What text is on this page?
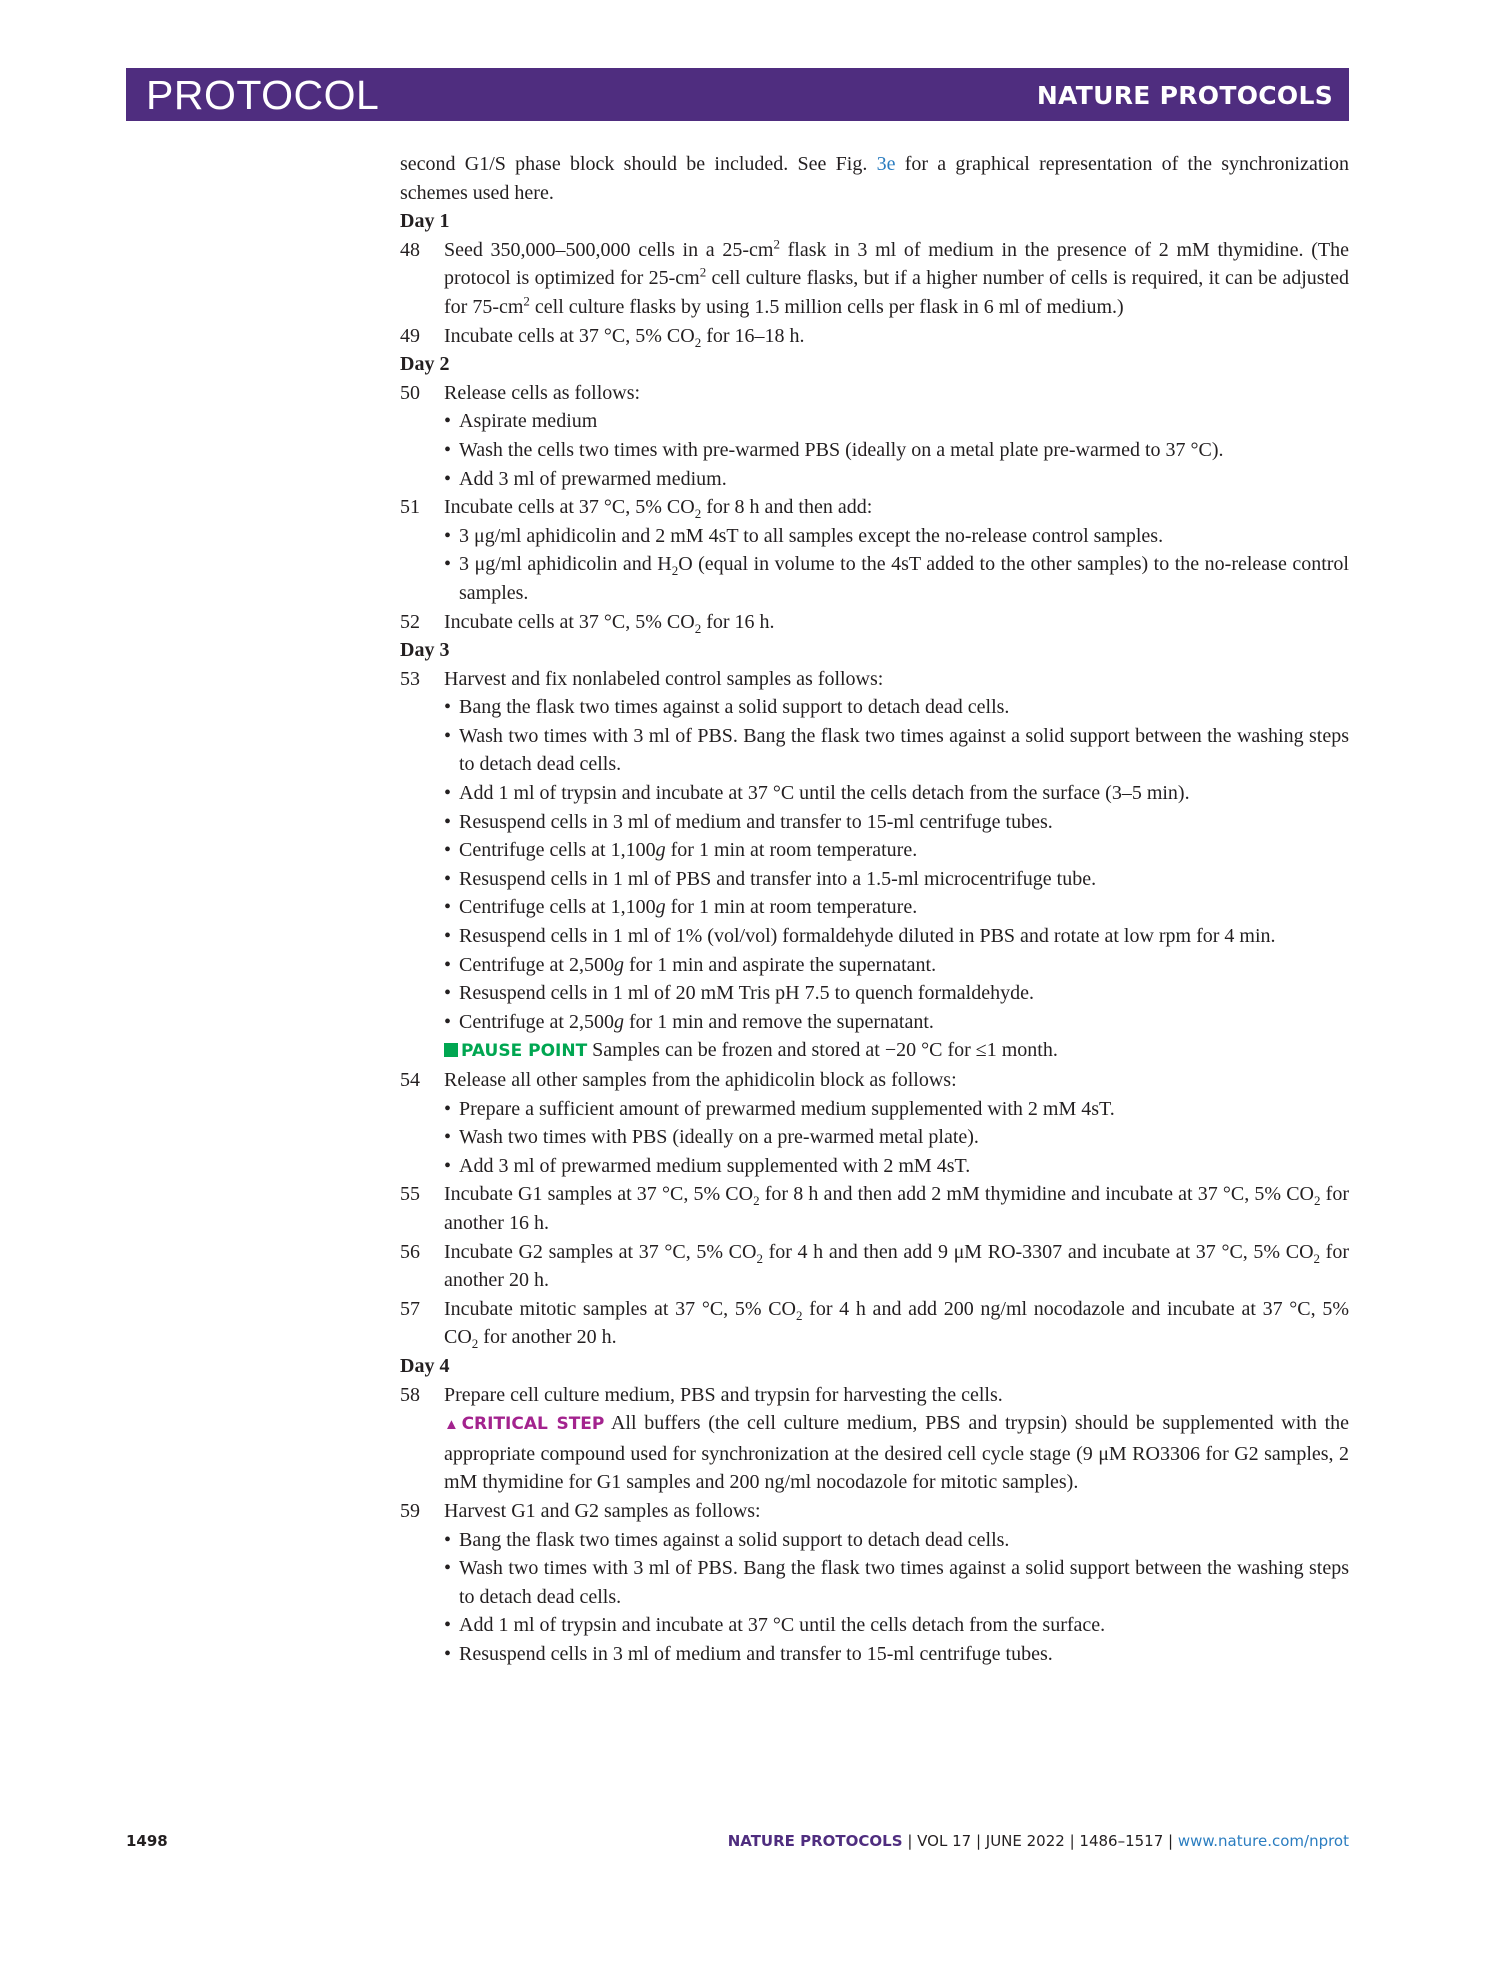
PROTOCOL	NATURE PROTOCOLS

second G1/S phase block should be included. See Fig. 3e for a graphical representation of the synchronization schemes used here.

Day 1

48 Seed 350,000–500,000 cells in a $25-cm^2$ flask in 3 ml of medium in the presence of 2 mM thymidine. (The protocol is optimized for $25-cm^2$ cell culture flasks, but if a higher number of cells is required, it can be adjusted for $75-cm^2$ cell culture flasks by using 1.5 million cells per flask in 6 ml of medium.)
49 Incubate cells at 37 °C, 5% $CO_2$ for 16–18 h.

Day 2

50 Release cells as follows:
• Aspirate medium
• Wash the cells two times with pre-warmed PBS (ideally on a metal plate pre-warmed to 37 °C).
• Add 3 ml of prewarmed medium.
51 Incubate cells at 37 °C, 5% $CO_2$ for 8 h and then add:
• 3 μg/ml aphidicolin and 2 mM 4sT to all samples except the no-release control samples.
• 3 μg/ml aphidicolin and $H_2O$ (equal in volume to the 4sT added to the other samples) to the no-release control samples.
52 Incubate cells at 37 °C, 5% $CO_2$ for 16 h.

Day 3

53 Harvest and fix nonlabeled control samples as follows:
• Bang the flask two times against a solid support to detach dead cells.
• Wash two times with 3 ml of PBS. Bang the flask two times against a solid support between the washing steps to detach dead cells.
• Add 1 ml of trypsin and incubate at 37 °C until the cells detach from the surface (3–5 min).
• Resuspend cells in 3 ml of medium and transfer to 15-ml centrifuge tubes.
• Centrifuge cells at 1,100g for 1 min at room temperature.
• Resuspend cells in 1 ml of PBS and transfer into a 1.5-ml microcentrifuge tube.
• Centrifuge cells at 1,100g for 1 min at room temperature.
• Resuspend cells in 1 ml of 1% (vol/vol) formaldehyde diluted in PBS and rotate at low rpm for 4 min.
• Centrifuge at 2,500g for 1 min and aspirate the supernatant.
• Resuspend cells in 1 ml of 20 mM Tris pH 7.5 to quench formaldehyde.
• Centrifuge at 2,500g for 1 min and remove the supernatant.
PAUSE POINT Samples can be frozen and stored at −20 °C for ≤1 month.
54 Release all other samples from the aphidicolin block as follows:
• Prepare a sufficient amount of prewarmed medium supplemented with 2 mM 4sT.
• Wash two times with PBS (ideally on a pre-warmed metal plate).
• Add 3 ml of prewarmed medium supplemented with 2 mM 4sT.
55 Incubate G1 samples at 37 °C, 5% $CO_2$ for 8 h and then add 2 mM thymidine and incubate at 37 °C, 5% $CO_2$ for another 16 h.
56 Incubate G2 samples at 37 °C, 5% $CO_2$ for 4 h and then add 9 μM RO-3307 and incubate at 37 °C, 5% $CO_2$ for another 20 h.
57 Incubate mitotic samples at 37 °C, 5% $CO_2$ for 4 h and add 200 ng/ml nocodazole and incubate at 37 °C, 5% $CO_2$ for another 20 h.

Day 4

58 Prepare cell culture medium, PBS and trypsin for harvesting the cells.
▲CRITICAL STEP All buffers (the cell culture medium, PBS and trypsin) should be supplemented with the appropriate compound used for synchronization at the desired cell cycle stage (9 μM RO3306 for G2 samples, 2 mM thymidine for G1 samples and 200 ng/ml nocodazole for mitotic samples).
59 Harvest G1 and G2 samples as follows:
• Bang the flask two times against a solid support to detach dead cells.
• Wash two times with 3 ml of PBS. Bang the flask two times against a solid support between the washing steps to detach dead cells.
• Add 1 ml of trypsin and incubate at 37 °C until the cells detach from the surface.
• Resuspend cells in 3 ml of medium and transfer to 15-ml centrifuge tubes.
1498	NATURE PROTOCOLS | VOL 17 | JUNE 2022 | 1486–1517 | www.nature.com/nprot
